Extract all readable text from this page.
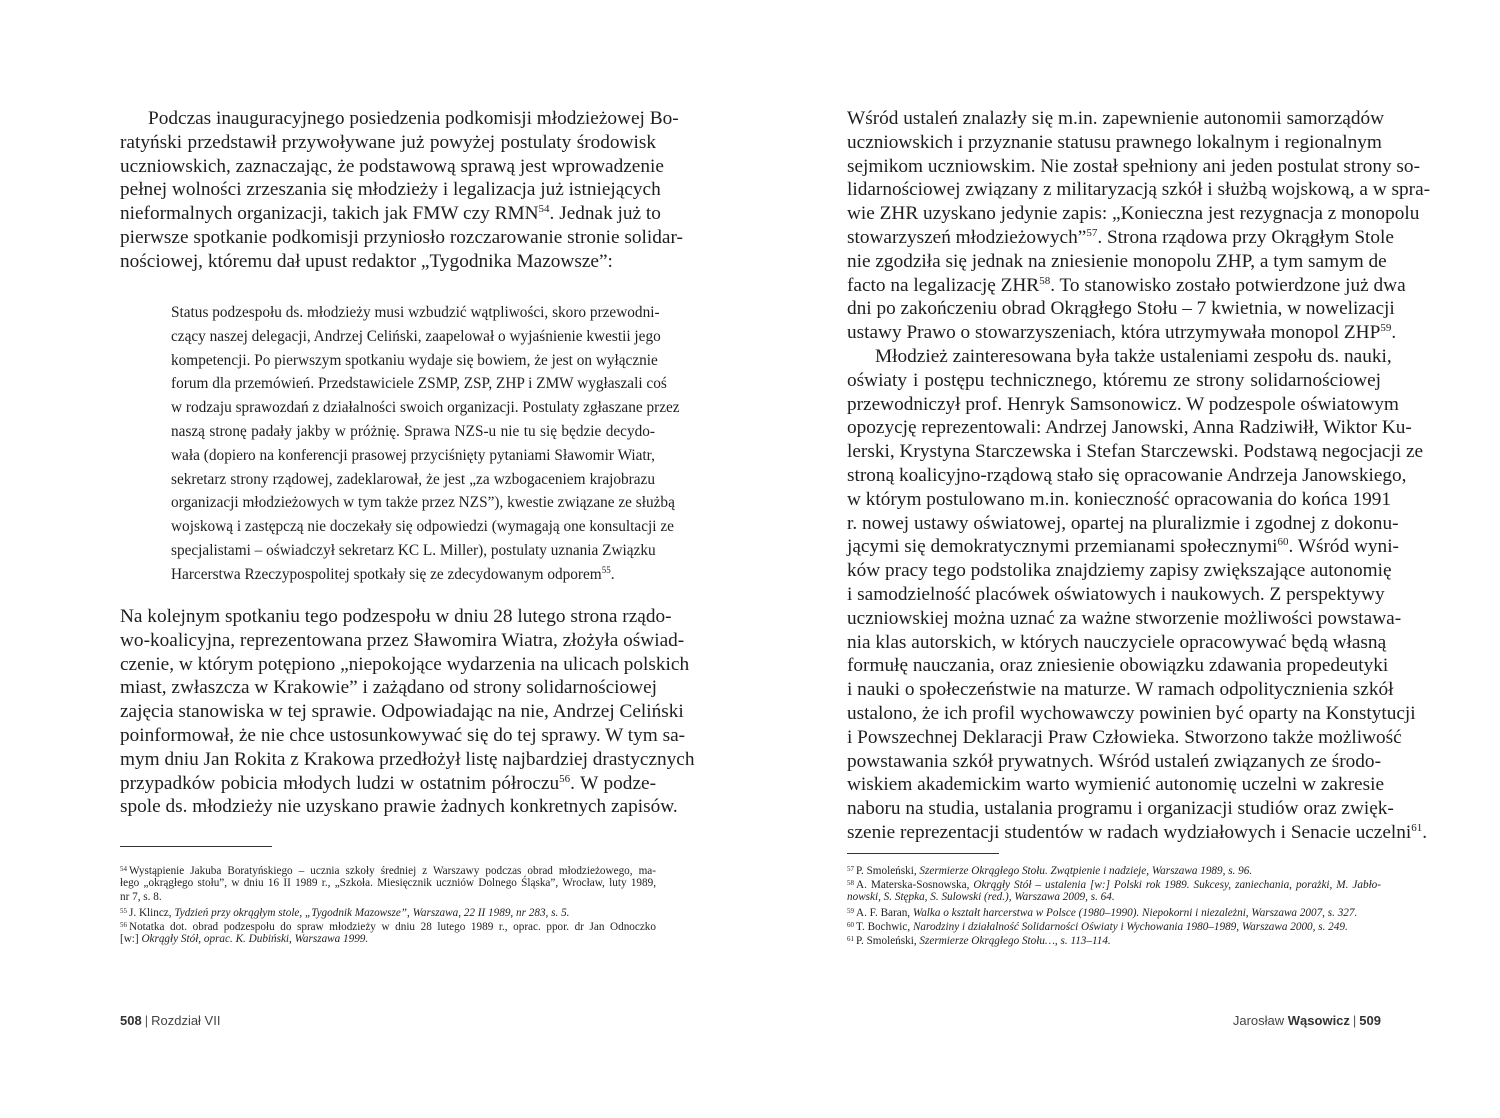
Podczas inauguracyjnego posiedzenia podkomisji młodzieżowej Bo-
ratyński przedstawił przywoływane już powyżej postulaty środowisk
uczniowskich, zaznaczając, że podstawową sprawą jest wprowadzenie
pełnej wolności zrzeszania się młodzieży i legalizacja już istniejących
nieformalnych organizacji, takich jak FMW czy RMN$^{54}$. Jednak już to
pierwsze spotkanie podkomisji przyniosło rozczarowanie stronie solidar-
nościowej, któremu dał upust redaktor „Tygodnika Mazowsze”:
Status podzespołu ds. młodzieży musi wzbudzić wątpliwości, skoro przewodni-
czący naszej delegacji, Andrzej Celiński, zaapelował o wyjaśnienie kwestii jego
kompetencji. Po pierwszym spotkaniu wydaje się bowiem, że jest on wyłącznie
forum dla przemówień. Przedstawiciele ZSMP, ZSP, ZHP i ZMW wygłaszali coś
w rodzaju sprawozdań z działalności swoich organizacji. Postulaty zgłaszane przez
naszą stronę padały jakby w próżnię. Sprawa NZS-u nie tu się będzie decydo-
wała (dopiero na konferencji prasowej przyciśnięty pytaniami Sławomir Wiatr,
sekretarz strony rządowej, zadeklarował, że jest „za wzbogaceniem krajobrazu
organizacji młodzieżowych w tym także przez NZS”), kwestie związane ze służbą
wojskową i zastępczą nie doczekały się odpowiedzi (wymagają one konsultacji ze
specjalistami – oświadczył sekretarz KC L. Miller), postulaty uznania Związku
Harcerstwa Rzeczypospolitej spotkały się ze zdecydowanym odporem$^{55}$.
Na kolejnym spotkaniu tego podzespołu w dniu 28 lutego strona rządo-
wo-koalicyjna, reprezentowana przez Sławomira Wiatra, złożyła oświad-
czenie, w którym potępiono „niepokojące wydarzenia na ulicach polskich
miast, zwłaszcza w Krakowie” i zażądano od strony solidarnościowej
zajęcia stanowiska w tej sprawie. Odpowiadając na nie, Andrzej Celiński
poinformował, że nie chce ustosunkowywać się do tej sprawy. W tym sa-
mym dniu Jan Rokita z Krakowa przedłożył listę najbardziej drastycznych
przypadków pobicia młodych ludzi w ostatnim półroczu$^{56}$. W podze-
spole ds. młodzieży nie uzyskano prawie żadnych konkretnych zapisów.
$^{54}$ Wystąpienie Jakuba Boratyńskiego – ucznia szkoły średniej z Warszawy podczas obrad młodzieżowego, ma-
łego „okrągłego stołu”, w dniu 16 II 1989 r., „Szkoła. Miesięcznik uczniów Dolnego Śląska”, Wrocław, luty 1989,
nr 7, s. 8.
$^{55}$ J. Klincz, Tydzień przy okrągłym stole, „Tygodnik Mazowsze”, Warszawa, 22 II 1989, nr 283, s. 5.
$^{56}$ Notatka dot. obrad podzespołu do spraw młodzieży w dniu 28 lutego 1989 r., oprac. ppor. dr Jan Odnoczko
[w:] Okrągły Stół, oprac. K. Dubiński, Warszawa 1999.
508 | Rozdział VII
Wśród ustaleń znalazły się m.in. zapewnienie autonomii samorządów
uczniowskich i przyznanie statusu prawnego lokalnym i regionalnym
sejmikom uczniowskim. Nie został spełniony ani jeden postulat strony so-
lidarnościowej związany z militaryzacją szkół i służbą wojskową, a w spra-
wie ZHR uzyskano jedynie zapis: „Konieczna jest rezygnacja z monopolu
stowarzyszeń młodzieżowych”$^{57}$. Strona rządowa przy Okrągłym Stole
nie zgodziła się jednak na zniesienie monopolu ZHP, a tym samym de
facto na legalizację ZHR$^{58}$. To stanowisko zostało potwierdzone już dwa
dni po zakończeniu obrad Okrągłego Stołu – 7 kwietnia, w nowelizacji
ustawy Prawo o stowarzyszeniach, która utrzymywała monopol ZHP$^{59}$.
Młodzież zainteresowana była także ustaleniami zespołu ds. nauki,
oświaty i postępu technicznego, któremu ze strony solidarnościowej
przewodniczył prof. Henryk Samsonowicz. W podzespole oświatowym
opozycję reprezentowali: Andrzej Janowski, Anna Radziwiłł, Wiktor Ku-
lerski, Krystyna Starczewska i Stefan Starczewski. Podstawą negocjacji ze
stroną koalicyjno-rządową stało się opracowanie Andrzeja Janowskiego,
w którym postulowano m.in. konieczność opracowania do końca 1991
r. nowej ustawy oświatowej, opartej na pluralizmie i zgodnej z dokonu-
jącymi się demokratycznymi przemianami społecznymi$^{60}$. Wśród wyni-
ków pracy tego podstolika znajdziemy zapisy zwiększające autonomię
i samodzielność placówek oświatowych i naukowych. Z perspektywy
uczniowskiej można uznać za ważne stworzenie możliwości powstawa-
nia klas autorskich, w których nauczyciele opracowywać będą własną
formułę nauczania, oraz zniesienie obowiązku zdawania propedeutyki
i nauki o społeczeństwie na maturze. W ramach odpolitycznienia szkół
ustalono, że ich profil wychowawczy powinien być oparty na Konstytucji
i Powszechnej Deklaracji Praw Człowieka. Stworzono także możliwość
powstawania szkół prywatnych. Wśród ustaleń związanych ze środo-
wiskiem akademickim warto wymienić autonomię uczelni w zakresie
naboru na studia, ustalania programu i organizacji studiów oraz zwięk-
szenie reprezentacji studentów w radach wydziałowych i Senacie uczelni$^{61}$.
$^{57}$ P. Smoleński, Szermierze Okrągłego Stołu. Zwątpienie i nadzieje, Warszawa 1989, s. 96.
$^{58}$ A. Materska-Sosnowska, Okrągły Stół – ustalenia [w:] Polski rok 1989. Sukcesy, zaniechania, porażki, M. Jabło-
nowski, S. Stępka, S. Sulowski (red.), Warszawa 2009, s. 64.
$^{59}$ A. F. Baran, Walka o kształt harcerstwa w Polsce (1980–1990). Niepokorni i niezależni, Warszawa 2007, s. 327.
$^{60}$ T. Bochwic, Narodziny i działalność Solidarności Oświaty i Wychowania 1980–1989, Warszawa 2000, s. 249.
$^{61}$ P. Smoleński, Szermierze Okrągłego Stołu…, s. 113–114.
Jarosław Wąsowicz | 509
